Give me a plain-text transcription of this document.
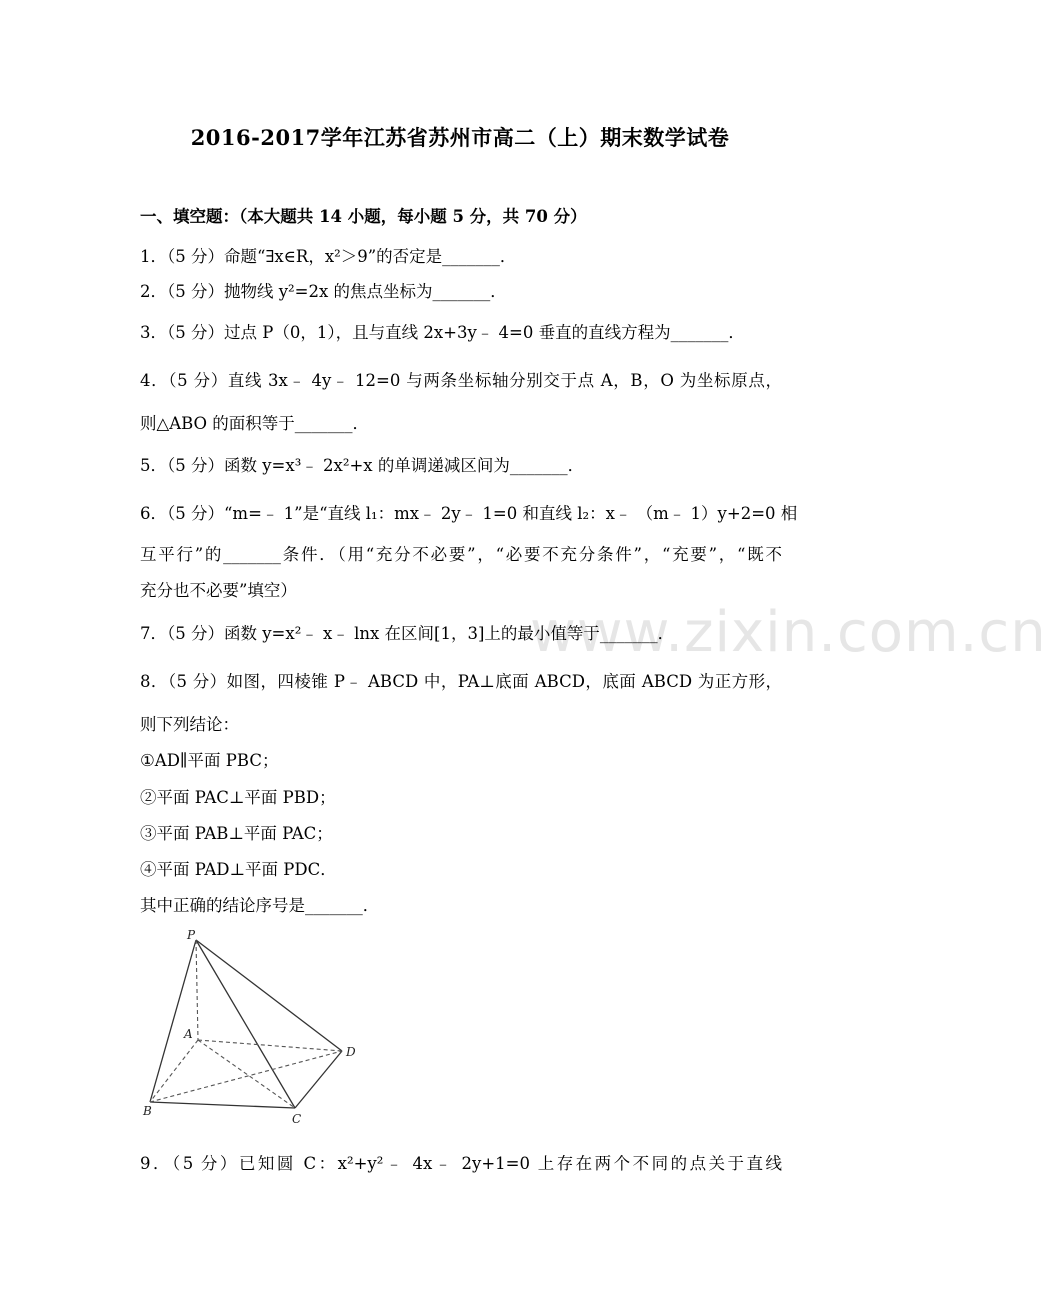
www.zixin.com.cn
2016-2017学年江苏省苏州市高二（上）期末数学试卷
一、填空题：（本大题共 14 小题，每小题 5 分，共 70 分）
1．（5 分）命题“∃x∈R，x²＞9”的否定是_______．
2．（5 分）抛物线 y²=2x 的焦点坐标为_______．
3．（5 分）过点 P（0，1），且与直线 2x+3y﹣ 4=0 垂直的直线方程为_______．
4．（5 分）直线 3x﹣ 4y﹣ 12=0 与两条坐标轴分别交于点 A，B，O 为坐标原点，
则△ABO 的面积等于_______．
5．（5 分）函数 y=x³﹣ 2x²+x 的单调递减区间为_______．
6．（5 分）“m=﹣ 1”是“直线 l₁：mx﹣ 2y﹣ 1=0 和直线 l₂：x﹣ （m﹣ 1）y+2=0 相
互平行”的_______条件．（用“充分不必要”，“必要不充分条件”，“充要”，“既不
充分也不必要”填空）
7．（5 分）函数 y=x²﹣ x﹣ lnx 在区间[1，3]上的最小值等于_______．
8．（5 分）如图，四棱锥 P﹣ ABCD 中，PA⊥底面 ABCD，底面 ABCD 为正方形，
则下列结论：
①AD∥平面 PBC；
②平面 PAC⊥平面 PBD；
③平面 PAB⊥平面 PAC；
④平面 PAD⊥平面 PDC．
其中正确的结论序号是_______．
P
A
B
C
D
9．（5 分）已知圆 C：x²+y²﹣ 4x﹣ 2y+1=0 上存在两个不同的点关于直线
